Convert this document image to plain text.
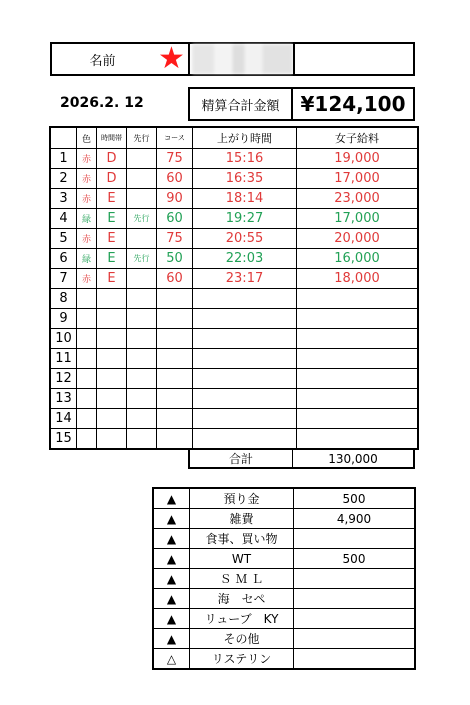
名前	★
2026.2. 12	精算合計金額	¥124,100
	色	時間帯	先行	コース	上がり時間	女子給料
1	赤	D		75	15:16	19,000
2	赤	D		60	16:35	17,000
3	赤	E		90	18:14	23,000
4	緑	E	先行	60	19:27	17,000
5	赤	E		75	20:55	20,000
6	緑	E	先行	50	22:03	16,000
7	赤	E		60	23:17	18,000
8						
9						
10						
11						
12						
13						
14						
15						
合計	130,000
▲	預り金	500
▲	雑費	4,900
▲	食事、買い物	
▲	WT	500
▲	Ｓ Ｍ Ｌ	
▲	海　セペ	
▲	リューブ　KY	
▲	その他	
△	リステリン	
